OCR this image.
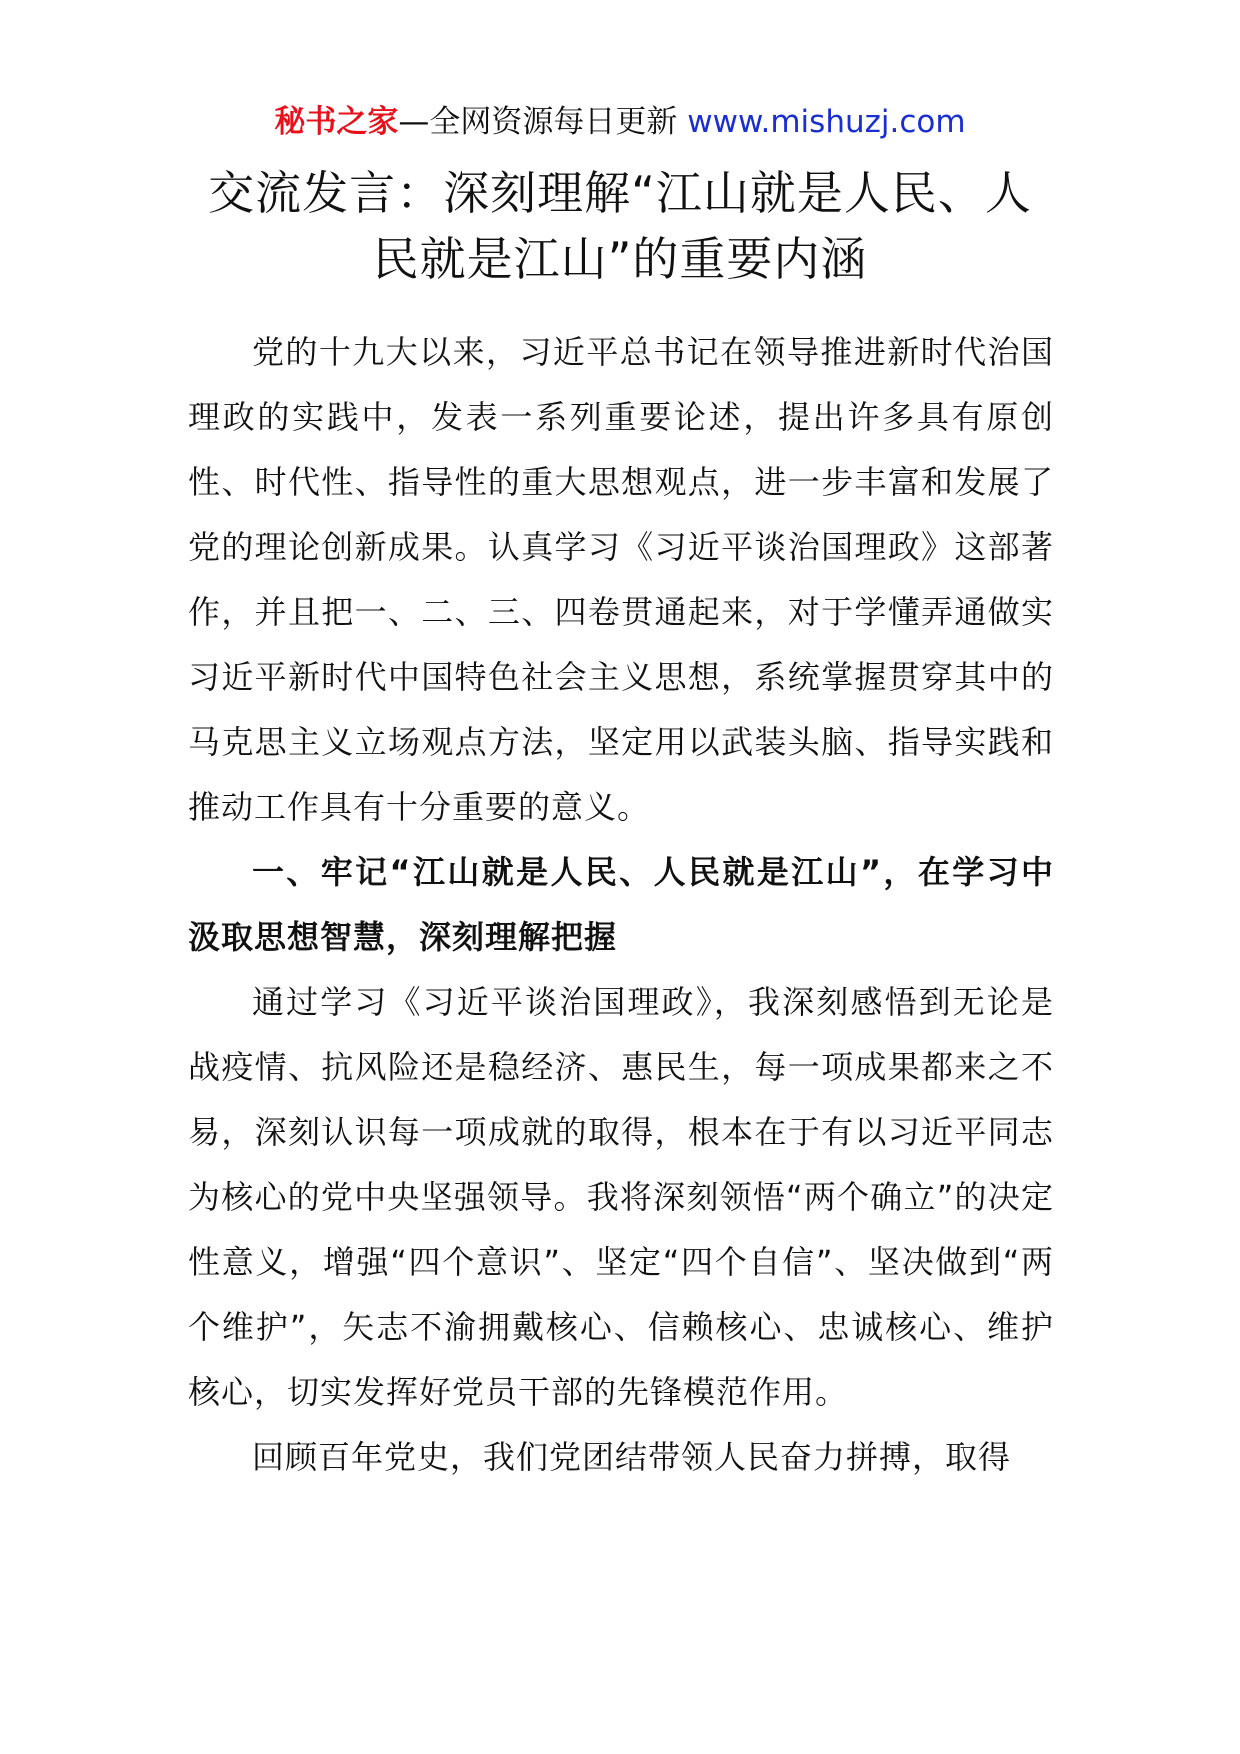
秘书之家—全网资源每日更新 www.mishuzj.com
交流发言：深刻理解“江山就是人民、人
民就是江山”的重要内涵

党的十九大以来，习近平总书记在领导推进新时代治国理政的实践中，发表一系列重要论述，提出许多具有原创性、时代性、指导性的重大思想观点，进一步丰富和发展了党的理论创新成果。认真学习《习近平谈治国理政》这部著作，并且把一、二、三、四卷贯通起来，对于学懂弄通做实习近平新时代中国特色社会主义思想，系统掌握贯穿其中的马克思主义立场观点方法，坚定用以武装头脑、指导实践和推动工作具有十分重要的意义。

一、牢记“江山就是人民、人民就是江山”，在学习中汲取思想智慧，深刻理解把握

通过学习《习近平谈治国理政》，我深刻感悟到无论是战疫情、抗风险还是稳经济、惠民生，每一项成果都来之不易，深刻认识每一项成就的取得，根本在于有以习近平同志为核心的党中央坚强领导。我将深刻领悟“两个确立”的决定性意义，增强“四个意识”、坚定“四个自信”、坚决做到“两个维护”，矢志不渝拥戴核心、信赖核心、忠诚核心、维护核心，切实发挥好党员干部的先锋模范作用。

回顾百年党史，我们党团结带领人民奋力拼搏，取得
